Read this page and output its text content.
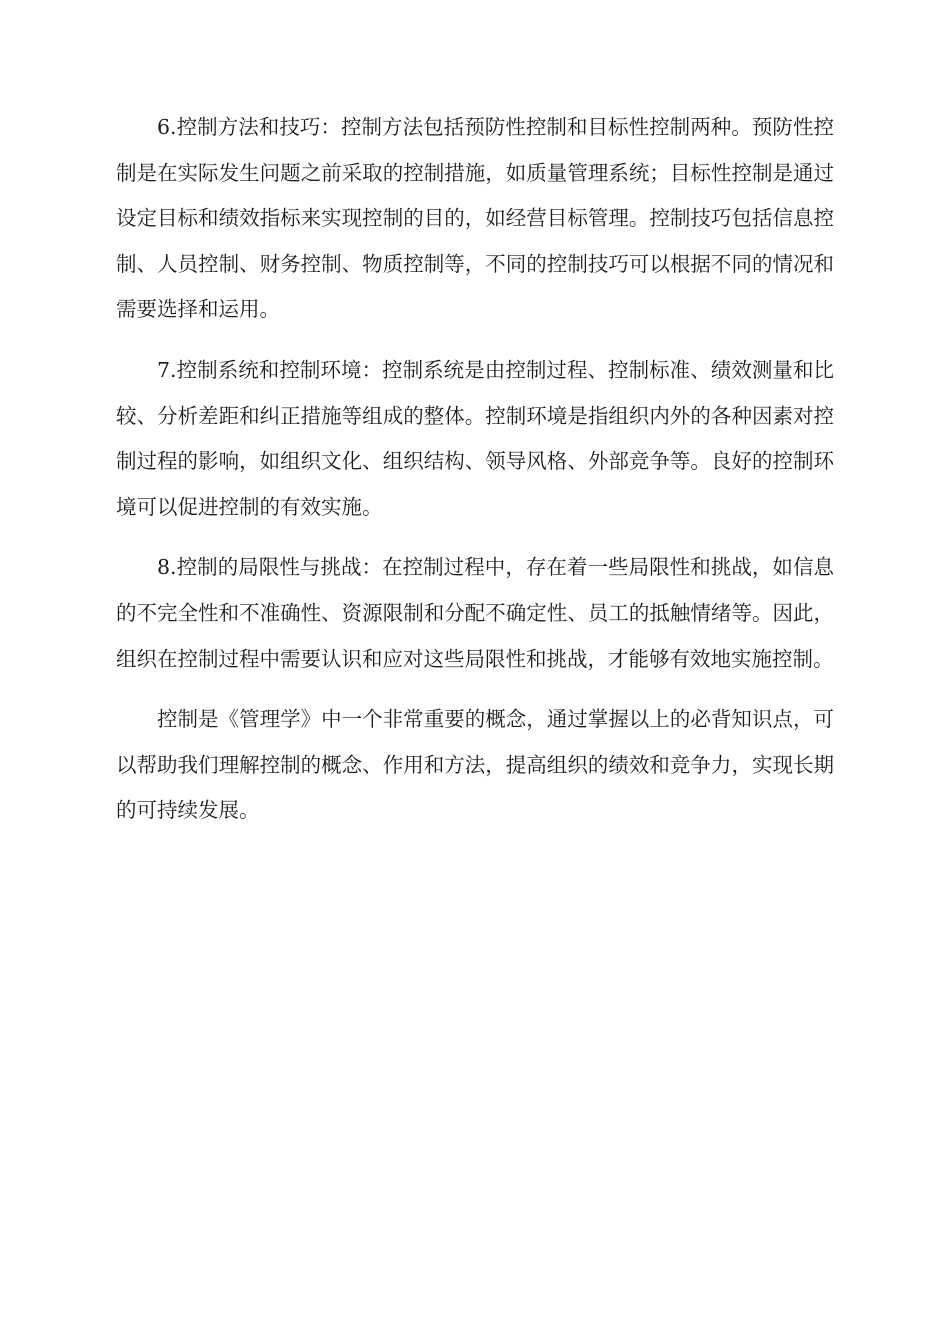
6.控制方法和技巧：控制方法包括预防性控制和目标性控制两种。预防性控制是在实际发生问题之前采取的控制措施，如质量管理系统；目标性控制是通过设定目标和绩效指标来实现控制的目的，如经营目标管理。控制技巧包括信息控制、人员控制、财务控制、物质控制等，不同的控制技巧可以根据不同的情况和需要选择和运用。

7.控制系统和控制环境：控制系统是由控制过程、控制标准、绩效测量和比较、分析差距和纠正措施等组成的整体。控制环境是指组织内外的各种因素对控制过程的影响，如组织文化、组织结构、领导风格、外部竞争等。良好的控制环境可以促进控制的有效实施。

8.控制的局限性与挑战：在控制过程中，存在着一些局限性和挑战，如信息的不完全性和不准确性、资源限制和分配不确定性、员工的抵触情绪等。因此，组织在控制过程中需要认识和应对这些局限性和挑战，才能够有效地实施控制。

控制是《管理学》中一个非常重要的概念，通过掌握以上的必背知识点，可以帮助我们理解控制的概念、作用和方法，提高组织的绩效和竞争力，实现长期的可持续发展。
